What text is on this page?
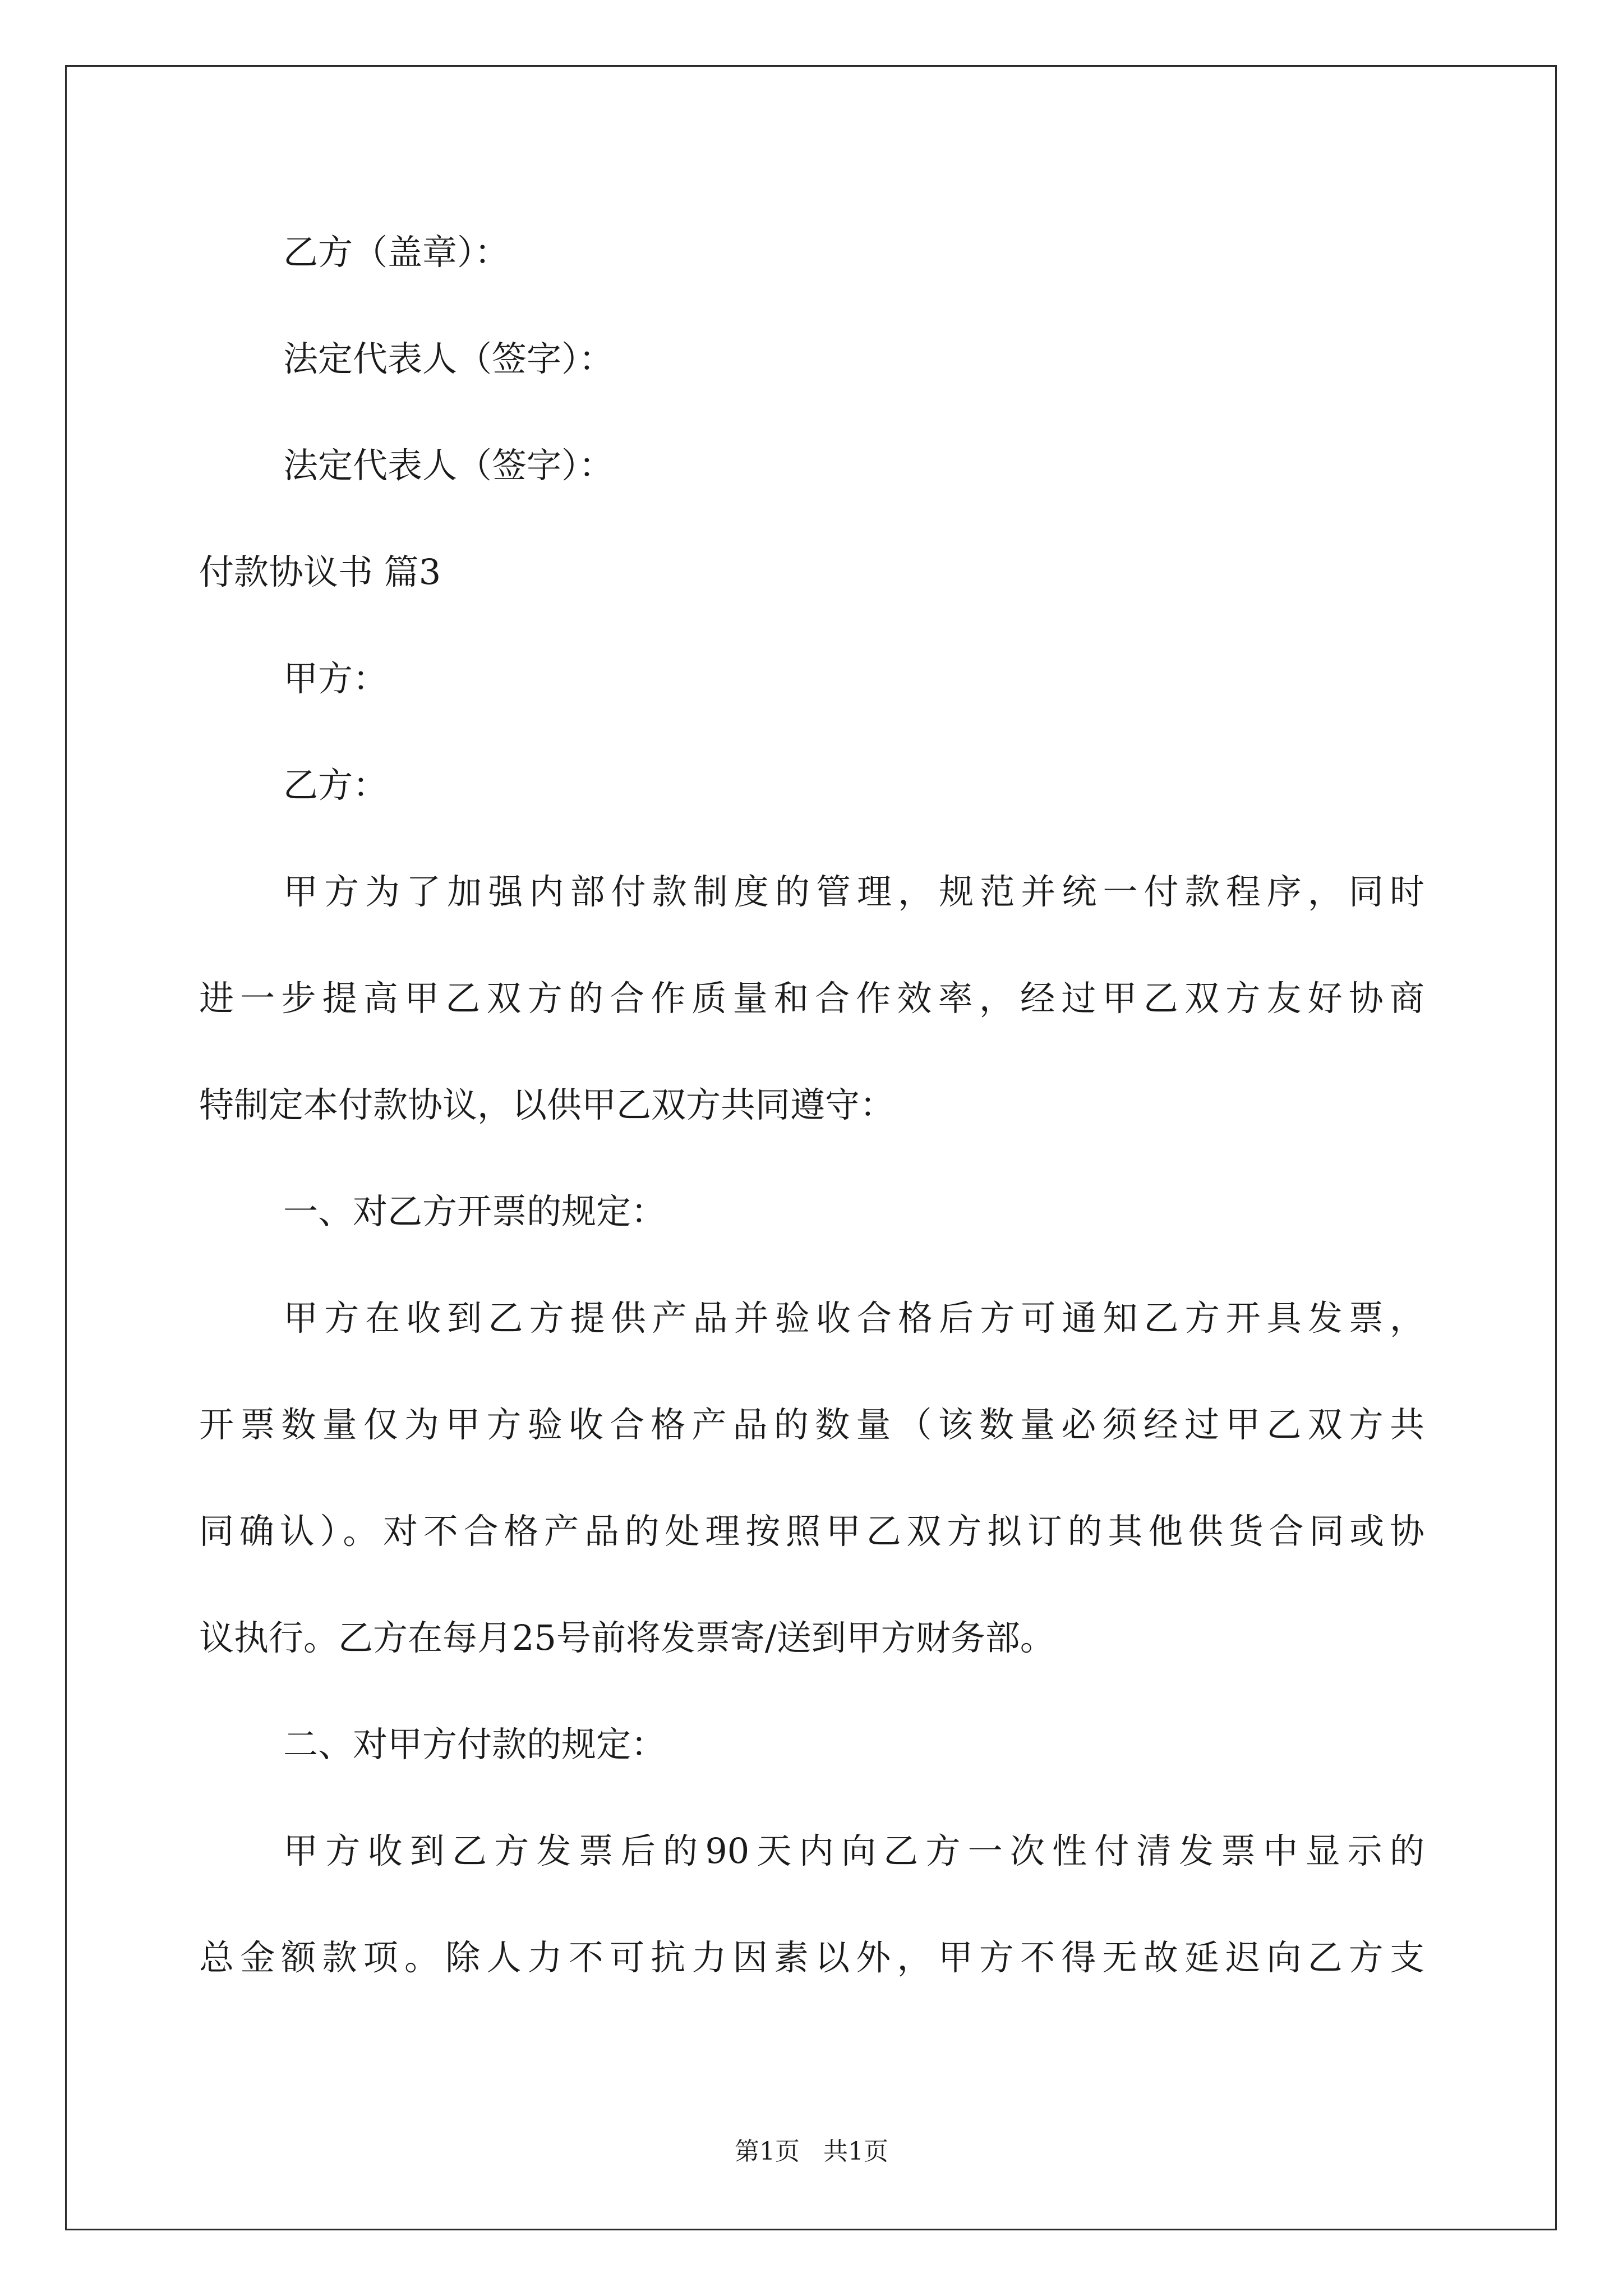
乙方（盖章）：
法定代表人（签字）：
法定代表人（签字）：
付款协议书 篇3
甲方：
乙方：
甲方为了加强内部付款制度的管理，规范并统一付款程序，同时
进一步提高甲乙双方的合作质量和合作效率，经过甲乙双方友好协商
特制定本付款协议，以供甲乙双方共同遵守：
一、对乙方开票的规定：
甲方在收到乙方提供产品并验收合格后方可通知乙方开具发票，
开票数量仅为甲方验收合格产品的数量（该数量必须经过甲乙双方共
同确认）。对不合格产品的处理按照甲乙双方拟订的其他供货合同或协
议执行。乙方在每月25号前将发票寄/送到甲方财务部。
二、对甲方付款的规定：
甲方收到乙方发票后的90天内向乙方一次性付清发票中显示的
总金额款项。除人力不可抗力因素以外，甲方不得无故延迟向乙方支
第1页   共1页
